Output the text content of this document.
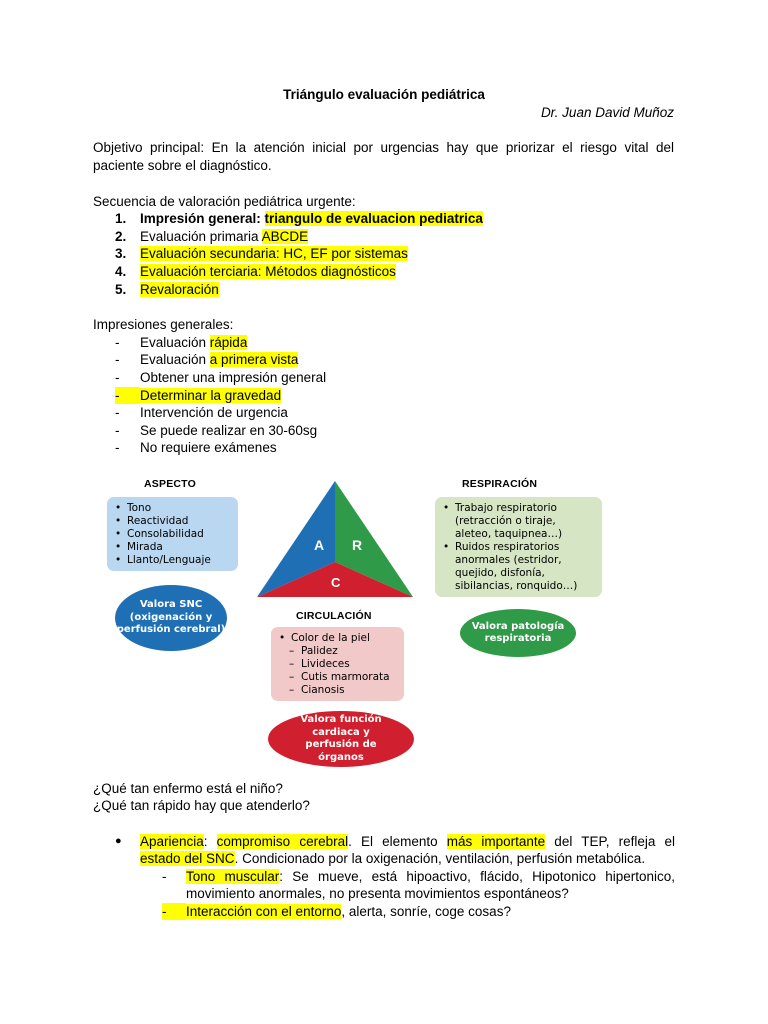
Triángulo evaluación pediátrica
Dr. Juan David Muñoz
Objetivo principal: En la atención inicial por urgencias hay que priorizar el riesgo vital del paciente sobre el diagnóstico.
Secuencia de valoración pediátrica urgente:
1. Impresión general: triangulo de evaluacion pediatrica
2. Evaluación primaria ABCDE
3. Evaluación secundaria: HC, EF por sistemas
4. Evaluación terciaria: Métodos diagnósticos
5. Revaloración
Impresiones generales:
- Evaluación rápida
- Evaluación a primera vista
- Obtener una impresión general
-	Determinar la gravedad
- Intervención de urgencia
- Se puede realizar en 30-60sg
- No requiere exámenes
ASPECTO
• Tono
• Reactividad
• Consolabilidad
• Mirada
• Llanto/Lenguaje
Valora SNC (oxigenación y perfusión cerebral)
A R
C
RESPIRACIÓN
• Trabajo respiratorio
(retracción o tiraje, aleteo, taquipnea…)
• Ruidos respiratorios
anormales (estridor, quejido, disfonía, sibilancias, ronquido…)
Valora patología respiratoria
CIRCULACIÓN
• Color de la piel
– Palidez
– Livideces
– Cutis marmorata
– Cianosis
Valora función cardiaca y perfusión de órganos
¿Qué tan enfermo está el niño?
¿Qué tan rápido hay que atenderlo?
● Apariencia: compromiso cerebral. El elemento más importante del TEP, refleja el
estado del SNC. Condicionado por la oxigenación, ventilación, perfusión metabólica.
- Tono muscular: Se mueve, está hipoactivo, flácido, Hipotonico hipertonico,
movimiento anormales, no presenta movimientos espontáneos?
-	Interacción con el entorno, alerta, sonríe, coge cosas?
